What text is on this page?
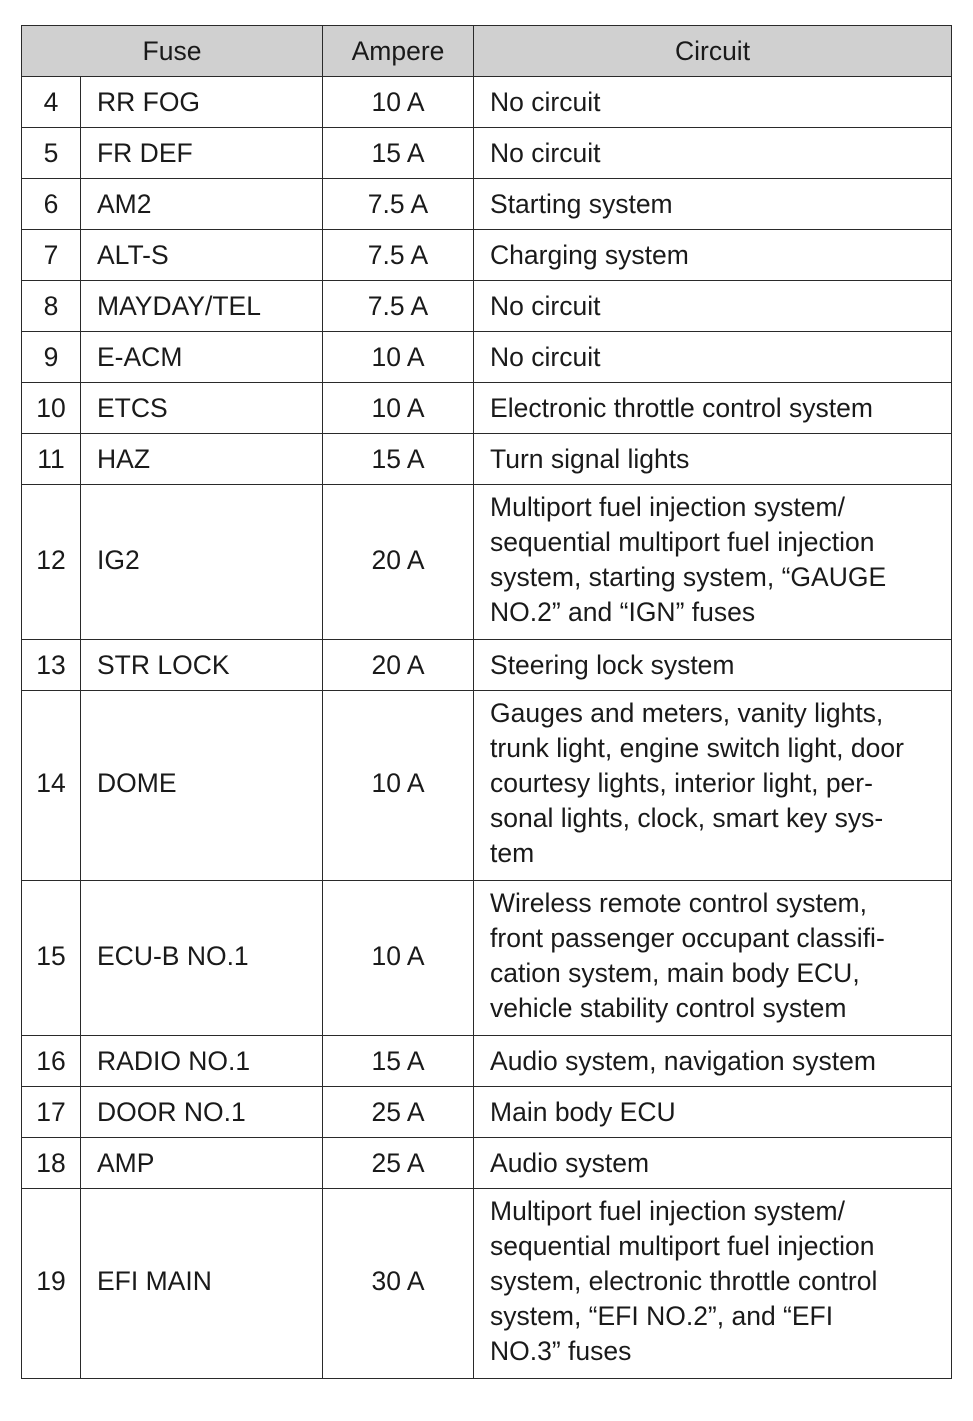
Fuse		Ampere	Circuit
4	RR FOG	10 A	No circuit

5	FR DEF	15 A	No circuit

6	AM2	7.5 A	Starting system

7	ALT-S	7.5 A	Charging system

8	MAYDAY/TEL	7.5 A	No circuit

9	E-ACM	10 A	No circuit

10	ETCS	10 A	Electronic throttle control system

11	HAZ	15 A	Turn signal lights

12	IG2	20 A	Multiport fuel injection system/
sequential multiport fuel injection
system, starting system, “GAUGE
NO.2” and “IGN” fuses

13	STR LOCK	20 A	Steering lock system

14	DOME	10 A	Gauges and meters, vanity lights,
trunk light, engine switch light, door
courtesy lights, interior light, per-
sonal lights, clock, smart key sys-
tem

15	ECU-B NO.1	10 A	Wireless remote control system,
front passenger occupant classifi-
cation system, main body ECU,
vehicle stability control system

16	RADIO NO.1	15 A	Audio system, navigation system

17	DOOR NO.1	25 A	Main body ECU

18	AMP	25 A	Audio system

19	EFI MAIN	30 A	Multiport fuel injection system/
sequential multiport fuel injection
system, electronic throttle control
system, “EFI NO.2”, and “EFI
NO.3” fuses
